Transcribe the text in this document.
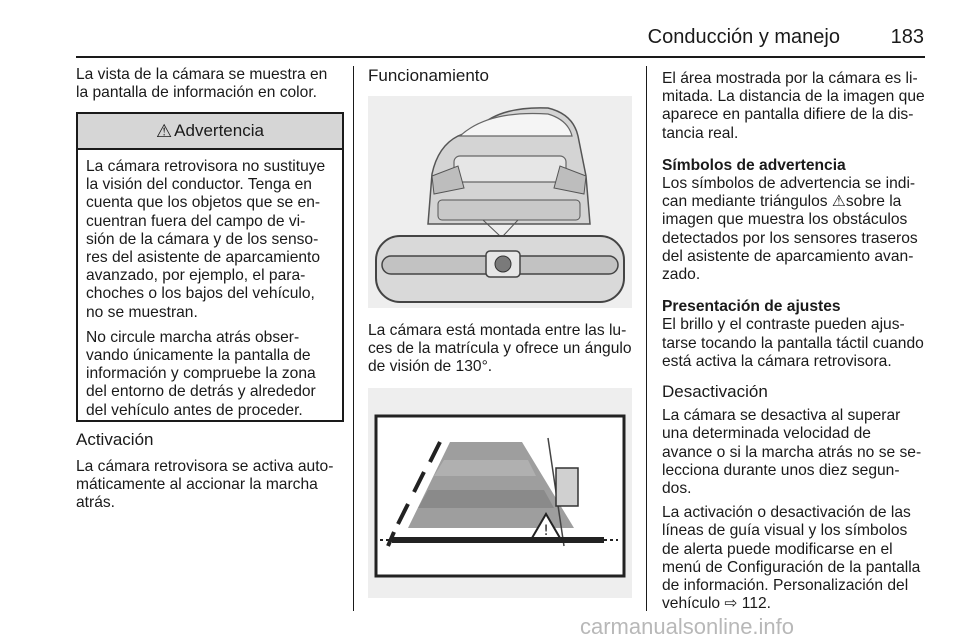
Conducción y manejo	183

La vista de la cámara se muestra en
la pantalla de información en color.

⚠ Advertencia

La cámara retrovisora no sustituye
la visión del conductor. Tenga en
cuenta que los objetos que se en-
cuentran fuera del campo de vi-
sión de la cámara y de los senso-
res del asistente de aparcamiento
avanzado, por ejemplo, el para-
choches o los bajos del vehículo,
no se muestran.

No circule marcha atrás obser-
vando únicamente la pantalla de
información y compruebe la zona
del entorno de detrás y alrededor
del vehículo antes de proceder.

Activación
La cámara retrovisora se activa auto-
máticamente al accionar la marcha
atrás.
Funcionamiento
La cámara está montada entre las lu-
ces de la matrícula y ofrece un ángulo
de visión de 130°.
!

El área mostrada por la cámara es li-
mitada. La distancia de la imagen que
aparece en pantalla difiere de la dis-
tancia real.

Símbolos de advertencia

Los símbolos de advertencia se indi-
can mediante triángulos ⚠sobre la
imagen que muestra los obstáculos
detectados por los sensores traseros
del asistente de aparcamiento avan-
zado.

Presentación de ajustes

El brillo y el contraste pueden ajus-
tarse tocando la pantalla táctil cuando
está activa la cámara retrovisora.

Desactivación

La cámara se desactiva al superar
una determinada velocidad de
avance o si la marcha atrás no se se-
lecciona durante unos diez segun-
dos.

La activación o desactivación de las
líneas de guía visual y los símbolos
de alerta puede modificarse en el
menú de Configuración de la pantalla
de información. Personalización del
vehículo ⇨ 112.

carmanualsonline.info
